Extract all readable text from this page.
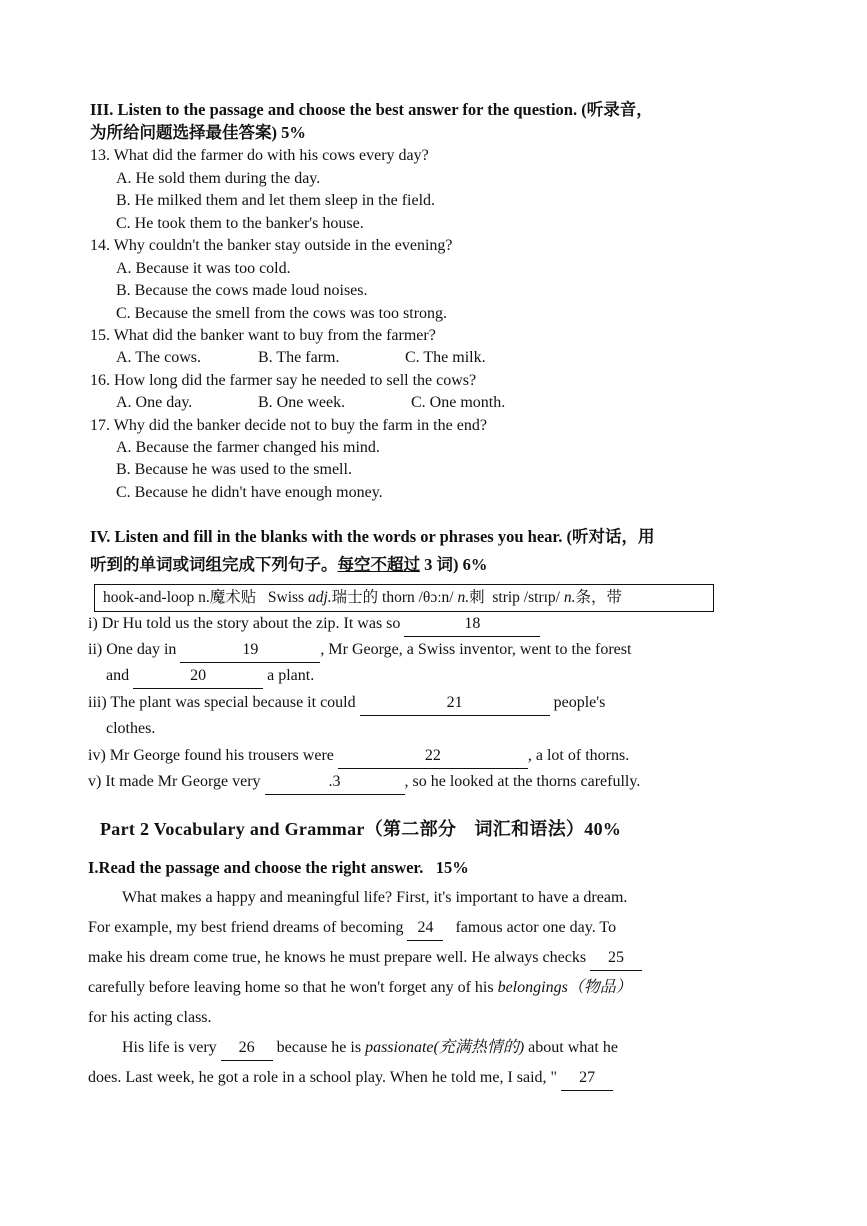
III. Listen to the passage and choose the best answer for the question. (听录音，
为所给问题选择最佳答案) 5%
13. What did the farmer do with his cows every day?
A. He sold them during the day.
B. He milked them and let them sleep in the field.
C. He took them to the banker's house.
14. Why couldn't the banker stay outside in the evening?
A. Because it was too cold.
B. Because the cows made loud noises.
C. Because the smell from the cows was too strong.
15. What did the banker want to buy from the farmer?
A. The cows.	B. The farm.	C. The milk.
16. How long did the farmer say he needed to sell the cows?
A. One day.	B. One week.	C. One month.
17. Why did the banker decide not to buy the farm in the end?
A. Because the farmer changed his mind.
B. Because he was used to the smell.
C. Because he didn't have enough money.
IV. Listen and fill in the blanks with the words or phrases you hear. (听对话，用
听到的单词或词组完成下列句子。每空不超过 3 词) 6%
hook-and-loop n.魔术贴 Swiss adj.瑞士的 thorn /θɔːn/ n.刺 strip /strɪp/ n.条，带
i) Dr Hu told us the story about the zip. It was so	18
ii) One day in	19	, Mr George, a Swiss inventor, went to the forest
and	20	a plant.
iii) The plant was special because it could	21	people's
clothes.
iv) Mr George found his trousers were	22	, a lot of thorns.
v) It made Mr George very	.3	, so he looked at the thorns carefully.
Part 2 Vocabulary and Grammar（第二部分　词汇和语法）40%
I.Read the passage and choose the right answer. 15%
What makes a happy and meaningful life? First, it's important to have a dream.
For example, my best friend dreams of becoming 24 famous actor one day. To
make his dream come true, he knows he must prepare well. He always checks 25
carefully before leaving home so that he won't forget any of his belongings（物品）
for his acting class.
His life is very 26 because he is passionate(充满热情的) about what he
does. Last week, he got a role in a school play. When he told me, I said, " 27
